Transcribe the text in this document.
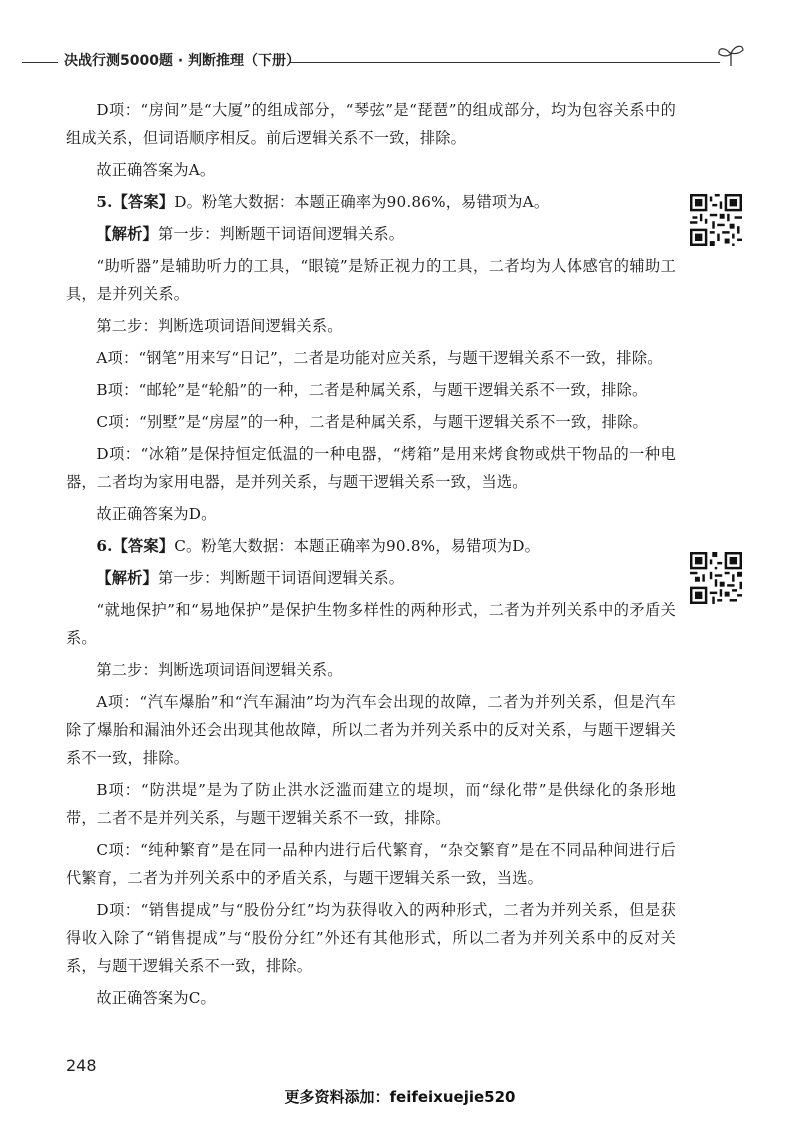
决战行测5000题 · 判断推理（下册）

D项：“房间”是“大厦”的组成部分，“琴弦”是“琵琶”的组成部分，均为包容关系中的组成关系，但词语顺序相反。前后逻辑关系不一致，排除。

故正确答案为A。

5.【答案】D。粉笔大数据：本题正确率为90.86%，易错项为A。

【解析】第一步：判断题干词语间逻辑关系。

“助听器”是辅助听力的工具，“眼镜”是矫正视力的工具，二者均为人体感官的辅助工具，是并列关系。

第二步：判断选项词语间逻辑关系。

A项：“钢笔”用来写“日记”，二者是功能对应关系，与题干逻辑关系不一致，排除。

B项：“邮轮”是“轮船”的一种，二者是种属关系，与题干逻辑关系不一致，排除。

C项：“别墅”是“房屋”的一种，二者是种属关系，与题干逻辑关系不一致，排除。

D项：“冰箱”是保持恒定低温的一种电器，“烤箱”是用来烤食物或烘干物品的一种电器，二者均为家用电器，是并列关系，与题干逻辑关系一致，当选。

故正确答案为D。

6.【答案】C。粉笔大数据：本题正确率为90.8%，易错项为D。

【解析】第一步：判断题干词语间逻辑关系。

“就地保护”和“易地保护”是保护生物多样性的两种形式，二者为并列关系中的矛盾关系。

第二步：判断选项词语间逻辑关系。

A项：“汽车爆胎”和“汽车漏油”均为汽车会出现的故障，二者为并列关系，但是汽车除了爆胎和漏油外还会出现其他故障，所以二者为并列关系中的反对关系，与题干逻辑关系不一致，排除。

B项：“防洪堤”是为了防止洪水泛滥而建立的堤坝，而“绿化带”是供绿化的条形地带，二者不是并列关系，与题干逻辑关系不一致，排除。

C项：“纯种繁育”是在同一品种内进行后代繁育，“杂交繁育”是在不同品种间进行后代繁育，二者为并列关系中的矛盾关系，与题干逻辑关系一致，当选。

D项：“销售提成”与“股份分红”均为获得收入的两种形式，二者为并列关系，但是获得收入除了“销售提成”与“股份分红”外还有其他形式，所以二者为并列关系中的反对关系，与题干逻辑关系不一致，排除。

故正确答案为C。

248
更多资料添加：feifeixuejie520
